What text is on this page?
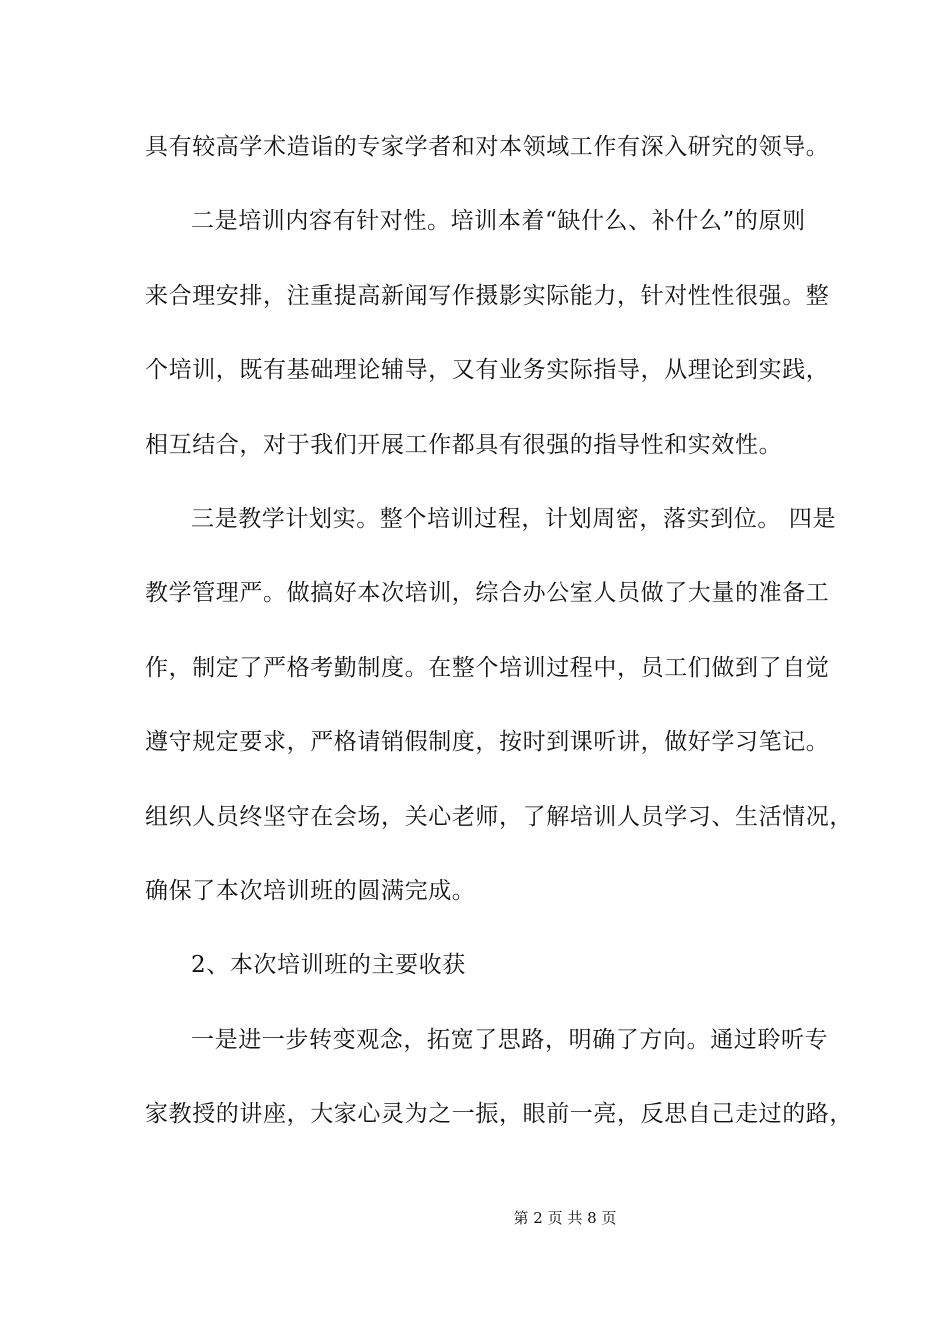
具有较高学术造诣的专家学者和对本领域工作有深入研究的领导。
二是培训内容有针对性。培训本着“缺什么、补什么”的原则
来合理安排，注重提高新闻写作摄影实际能力，针对性性很强。整
个培训，既有基础理论辅导，又有业务实际指导，从理论到实践，
相互结合，对于我们开展工作都具有很强的指导性和实效性。
三是教学计划实。整个培训过程，计划周密，落实到位。 四是
教学管理严。做搞好本次培训，综合办公室人员做了大量的准备工
作，制定了严格考勤制度。在整个培训过程中，员工们做到了自觉
遵守规定要求，严格请销假制度，按时到课听讲，做好学习笔记。
组织人员终坚守在会场，关心老师，了解培训人员学习、生活情况，
确保了本次培训班的圆满完成。
2、本次培训班的主要收获
一是进一步转变观念，拓宽了思路，明确了方向。通过聆听专
家教授的讲座，大家心灵为之一振，眼前一亮，反思自己走过的路，
第 2 页 共 8 页
